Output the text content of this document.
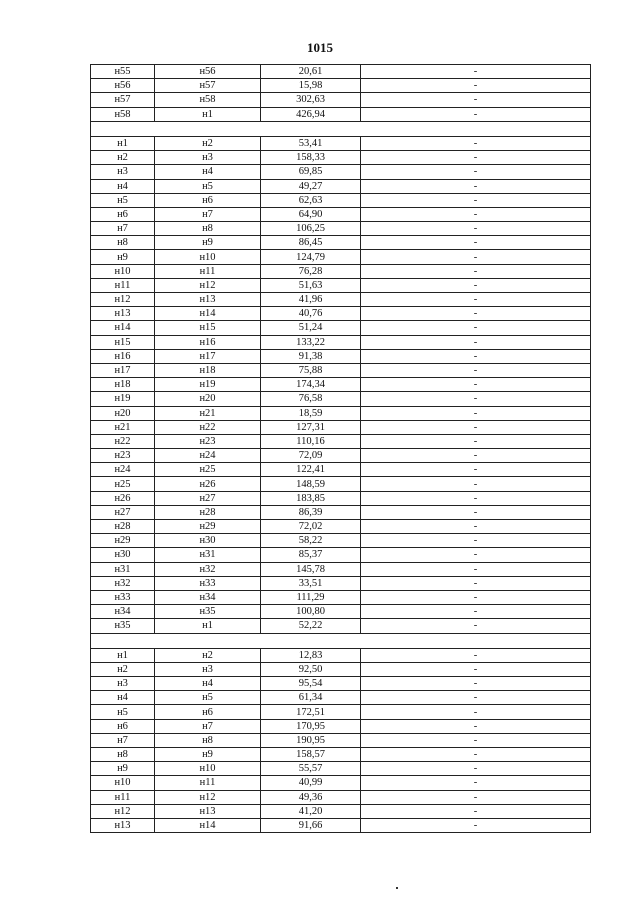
1015
н55	н56	20,61	-
н56	н57	15,98	-
н57	н58	302,63	-
н58	н1	426,94	-

н1	н2	53,41	-
н2	н3	158,33	-
н3	н4	69,85	-
н4	н5	49,27	-
н5	н6	62,63	-
н6	н7	64,90	-
н7	н8	106,25	-
н8	н9	86,45	-
н9	н10	124,79	-
н10	н11	76,28	-
н11	н12	51,63	-
н12	н13	41,96	-
н13	н14	40,76	-
н14	н15	51,24	-
н15	н16	133,22	-
н16	н17	91,38	-
н17	н18	75,88	-
н18	н19	174,34	-
н19	н20	76,58	-
н20	н21	18,59	-
н21	н22	127,31	-
н22	н23	110,16	-
н23	н24	72,09	-
н24	н25	122,41	-
н25	н26	148,59	-
н26	н27	183,85	-
н27	н28	86,39	-
н28	н29	72,02	-
н29	н30	58,22	-
н30	н31	85,37	-
н31	н32	145,78	-
н32	н33	33,51	-
н33	н34	111,29	-
н34	н35	100,80	-
н35	н1	52,22	-

н1	н2	12,83	-
н2	н3	92,50	-
н3	н4	95,54	-
н4	н5	61,34	-
н5	н6	172,51	-
н6	н7	170,95	-
н7	н8	190,95	-
н8	н9	158,57	-
н9	н10	55,57	-
н10	н11	40,99	-
н11	н12	49,36	-
н12	н13	41,20	-
н13	н14	91,66	-
